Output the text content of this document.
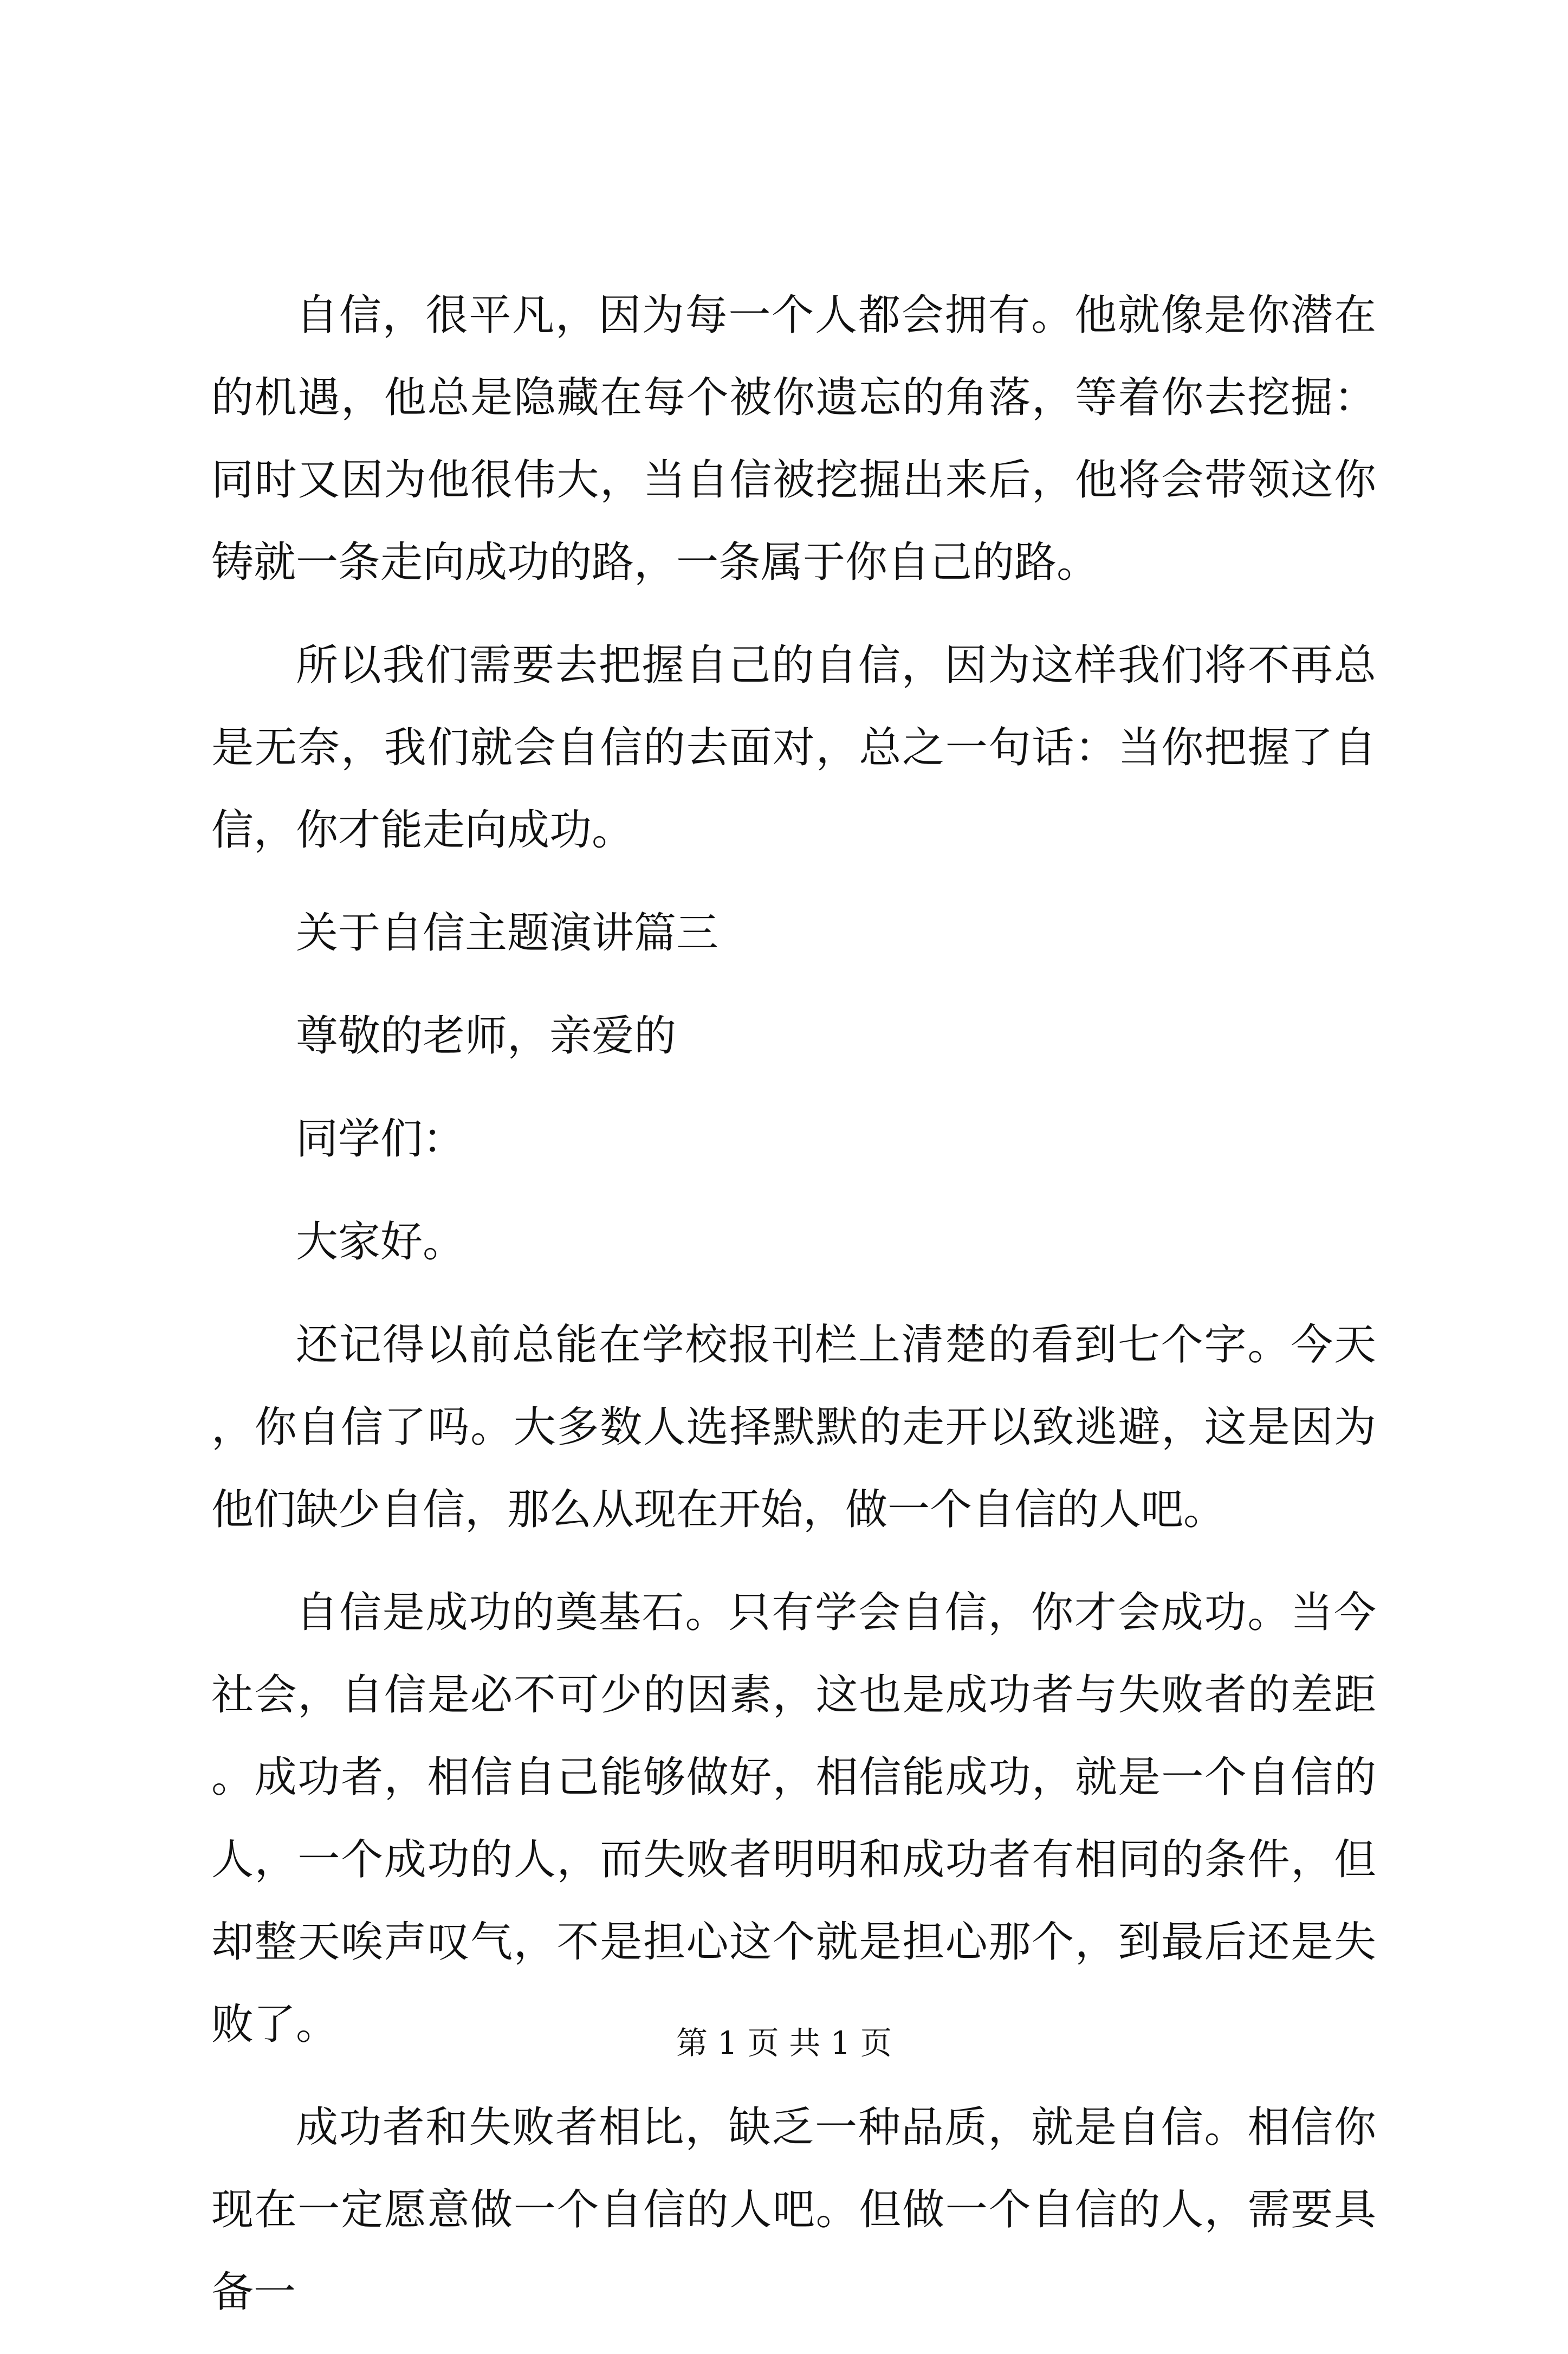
自信，很平凡，因为每一个人都会拥有。他就像是你潜在的机遇，他总是隐藏在每个被你遗忘的角落，等着你去挖掘：同时又因为他很伟大，当自信被挖掘出来后，他将会带领这你铸就一条走向成功的路，一条属于你自己的路。

所以我们需要去把握自己的自信，因为这样我们将不再总是无奈，我们就会自信的去面对，总之一句话：当你把握了自信，你才能走向成功。

关于自信主题演讲篇三

尊敬的老师，亲爱的

同学们：

大家好。

还记得以前总能在学校报刊栏上清楚的看到七个字。今天，你自信了吗。大多数人选择默默的走开以致逃避，这是因为他们缺少自信，那么从现在开始，做一个自信的人吧。

自信是成功的奠基石。只有学会自信，你才会成功。当今社会，自信是必不可少的因素，这也是成功者与失败者的差距。成功者，相信自己能够做好，相信能成功，就是一个自信的人，一个成功的人，而失败者明明和成功者有相同的条件，但却整天唉声叹气，不是担心这个就是担心那个，到最后还是失败了。

成功者和失败者相比，缺乏一种品质，就是自信。相信你现在一定愿意做一个自信的人吧。但做一个自信的人，需要具备一

第 1 页 共 1 页
